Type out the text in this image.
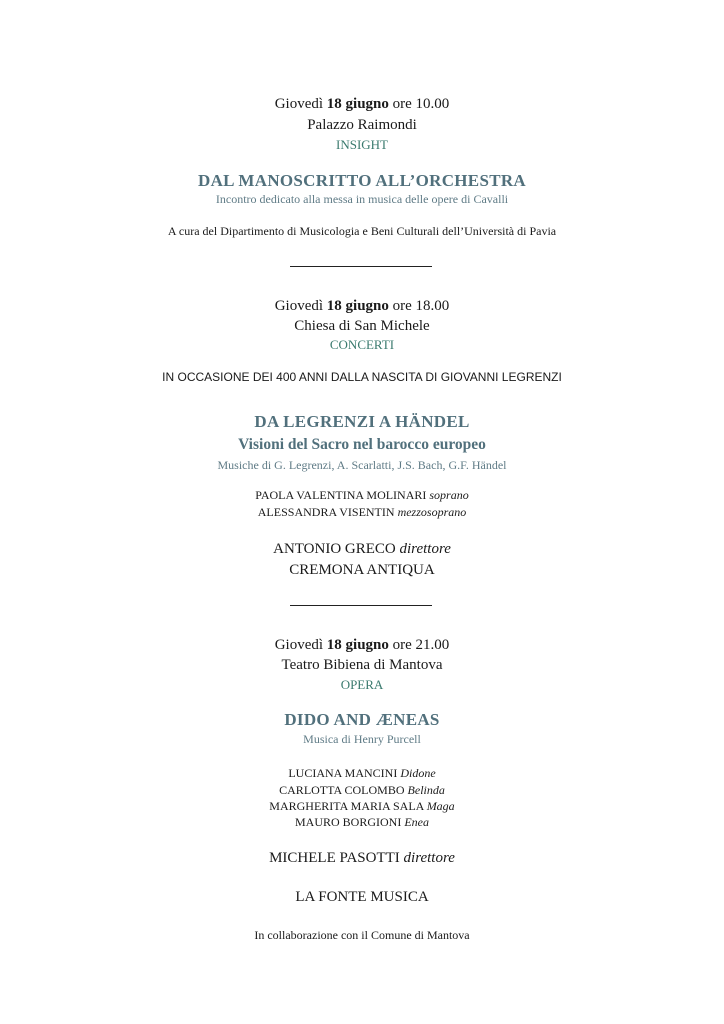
Giovedì 18 giugno ore 10.00
Palazzo Raimondi
INSIGHT
DAL MANOSCRITTO ALL’ORCHESTRA
Incontro dedicato alla messa in musica delle opere di Cavalli
A cura del Dipartimento di Musicologia e Beni Culturali dell’Università di Pavia
Giovedì 18 giugno ore 18.00
Chiesa di San Michele
CONCERTI
IN OCCASIONE DEI 400 ANNI DALLA NASCITA DI GIOVANNI LEGRENZI
DA LEGRENZI A HÄNDEL
Visioni del Sacro nel barocco europeo
Musiche di G. Legrenzi, A. Scarlatti, J.S. Bach, G.F. Händel
PAOLA VALENTINA MOLINARI soprano
ALESSANDRA VISENTIN mezzosoprano
ANTONIO GRECO direttore
CREMONA ANTIQUA
Giovedì 18 giugno ore 21.00
Teatro Bibiena di Mantova
OPERA
DIDO AND ÆNEAS
Musica di Henry Purcell
LUCIANA MANCINI Didone
CARLOTTA COLOMBO Belinda
MARGHERITA MARIA SALA Maga
MAURO BORGIONI Enea
MICHELE PASOTTI direttore
LA FONTE MUSICA
In collaborazione con il Comune di Mantova
